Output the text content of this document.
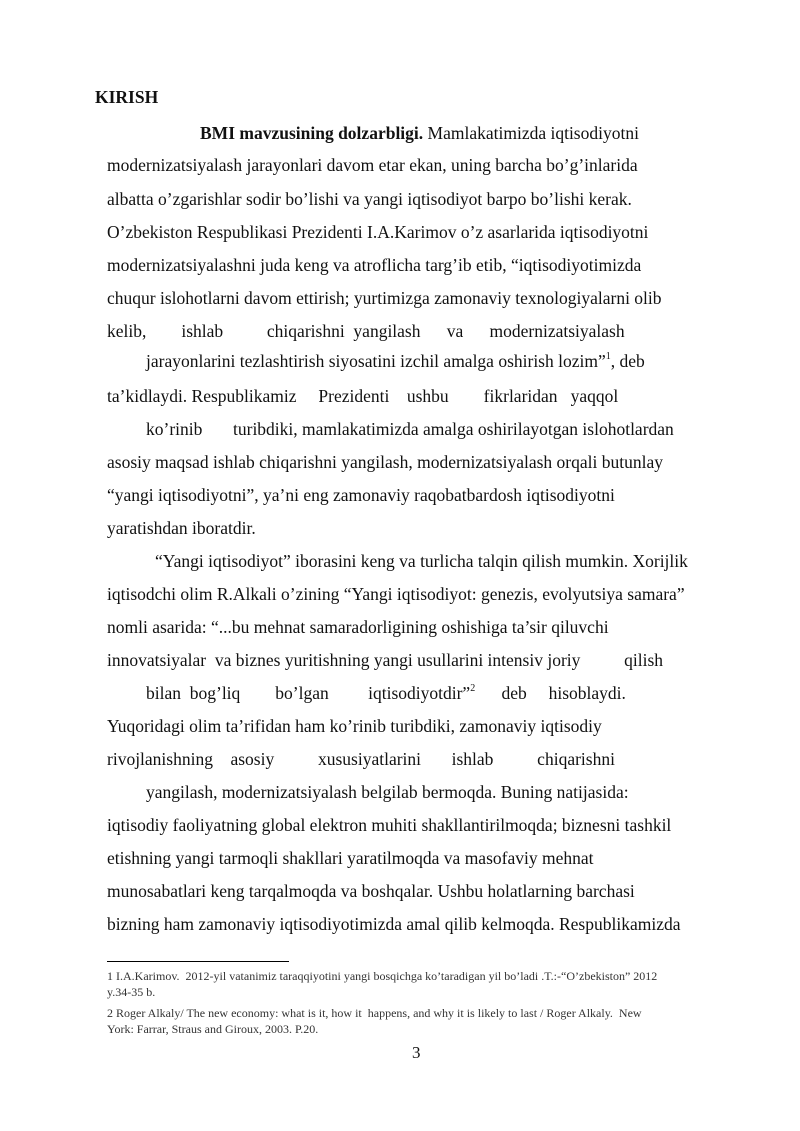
KIRISH
BMI mavzusining dolzarbligi. Mamlakatimizda iqtisodiyotni
modernizatsiyalash jarayonlari davom etar ekan, uning barcha bo’g’inlarida
albatta o’zgarishlar sodir bo’lishi va yangi iqtisodiyot barpo bo’lishi kerak.
O’zbekiston Respublikasi Prezidenti I.A.Karimov o’z asarlarida iqtisodiyotni
modernizatsiyalashni juda keng va atroflicha targ’ib etib, “iqtisodiyotimizda
chuqur islohotlarni davom ettirish; yurtimizga zamonaviy texnologiyalarni olib
kelib,        ishlab          chiqarishni  yangilash      va      modernizatsiyalash
jarayonlarini tezlashtirish siyosatini izchil amalga oshirish lozim”$^1$, deb
ta’kidlaydi. Respublikamiz     Prezidenti    ushbu        fikrlaridan   yaqqol
ko’rinib       turibdiki, mamlakatimizda amalga oshirilayotgan islohotlardan
asosiy maqsad ishlab chiqarishni yangilash, modernizatsiyalash orqali butunlay
“yangi iqtisodiyotni”, ya’ni eng zamonaviy raqobatbardosh iqtisodiyotni
yaratishdan iboratdir.
“Yangi iqtisodiyot” iborasini keng va turlicha talqin qilish mumkin. Xorijlik
iqtisodchi olim R.Alkali o’zining “Yangi iqtisodiyot: genezis, evolyutsiya samara”
nomli asarida: “...bu mehnat samaradorligining oshishiga ta’sir qiluvchi
innovatsiyalar  va biznes yuritishning yangi usullarini intensiv joriy          qilish
bilan  bog’liq        bo’lgan         iqtisodiyotdir”$^2$      deb     hisoblaydi.
Yuqoridagi olim ta’rifidan ham ko’rinib turibdiki, zamonaviy iqtisodiy
rivojlanishning    asosiy          xususiyatlarini       ishlab          chiqarishni
yangilash, modernizatsiyalash belgilab bermoqda. Buning natijasida:
iqtisodiy faoliyatning global elektron muhiti shakllantirilmoqda; biznesni tashkil
etishning yangi tarmoqli shakllari yaratilmoqda va masofaviy mehnat
munosabatlari keng tarqalmoqda va boshqalar. Ushbu holatlarning barchasi
bizning ham zamonaviy iqtisodiyotimizda amal qilib kelmoqda. Respublikamizda
1 I.A.Karimov.  2012-yil vatanimiz taraqqiyotini yangi bosqichga ko’taradigan yil bo’ladi .T.:-“O’zbekiston” 2012
y.34-35 b.
2 Roger Alkaly/ The new economy: what is it, how it  happens, and why it is likely to last / Roger Alkaly.  New
York: Farrar, Straus and Giroux, 2003. P.20.
3
